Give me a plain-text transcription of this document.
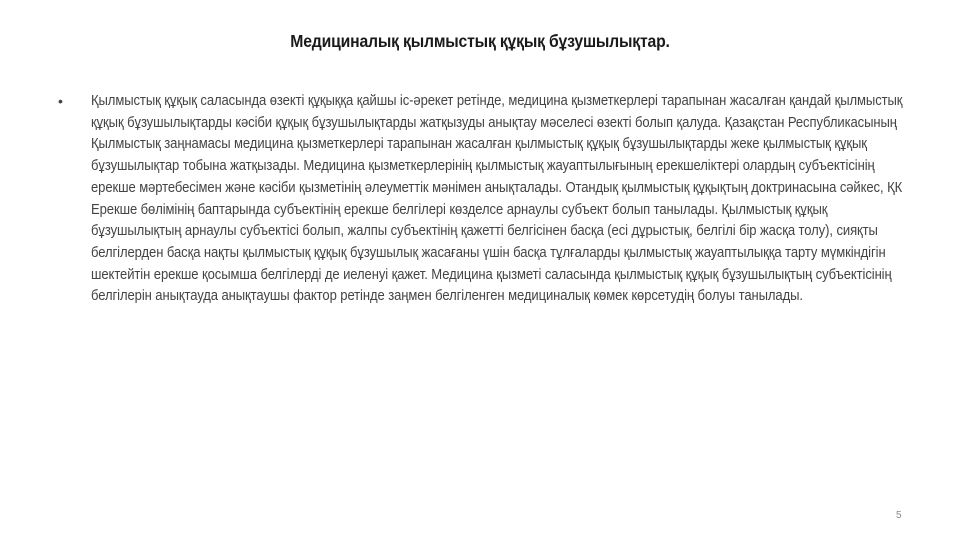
Медициналық қылмыстық құқық бұзушылықтар.
• Қылмыстық құқық саласында өзекті құқыққа қайшы іс-әрекет ретінде, медицина қызметкерлері тарапынан жасалған қандай қылмыстық құқық бұзушылықтарды кәсіби құқық бұзушылықтарды жатқызуды анықтау мәселесі өзекті болып қалуда. Қазақстан Республикасының Қылмыстық заңнамасы медицина қызметкерлері тарапынан жасалған қылмыстық құқық бұзушылықтарды жеке қылмыстық құқық бұзушылықтар тобына жатқызады. Медицина қызметкерлерінің қылмыстық жауаптылығының ерекшеліктері олардың субъектісінің ерекше мәртебесімен және кәсіби қызметінің әлеуметтік мәнімен анықталады. Отандық қылмыстық құқықтың доктринасына сәйкес, ҚК Ерекше бөлімінің баптарында субъектінің ерекше белгілері көзделсе арнаулы субъект болып танылады. Қылмыстық құқық бұзушылықтың арнаулы субъектісі болып, жалпы субъектінің қажетті белгісінен басқа (есі дұрыстық, белгілі бір жасқа толу), сияқты белгілерден басқа нақты қылмыстық құқық бұзушылық жасағаны үшін басқа тұлғаларды қылмыстық жауаптылыққа тарту мүмкіндігін шектейтін ерекше қосымша белгілерді де иеленуі қажет. Медицина қызметі саласында қылмыстық құқық бұзушылықтың субъектісінің белгілерін анықтауда анықтаушы фактор ретінде заңмен белгіленген медициналық көмек көрсетудің болуы танылады.
5
